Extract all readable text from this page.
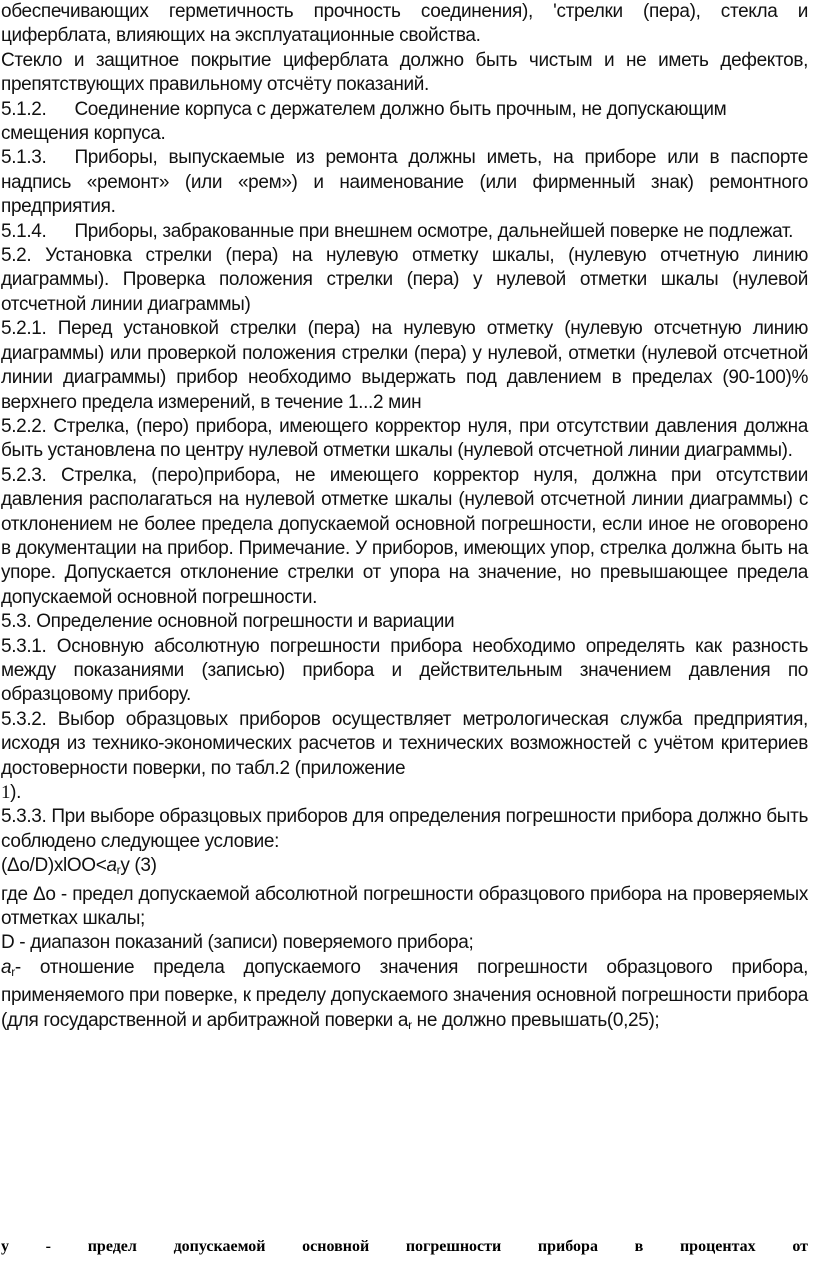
обеспечивающих герметичность прочность соединения), 'стрелки (пера), стекла и циферблата, влияющих на эксплуатационные свойства.

Стекло и защитное покрытие циферблата должно быть чистым и не иметь дефектов, препятствующих правильному отсчёту показаний.

5.1.2. Соединение корпуса с держателем должно быть прочным, не допускающим

смещения корпуса.

5.1.3. Приборы, выпускаемые из ремонта должны иметь, на приборе или в паспорте надпись «ремонт» (или «рем») и наименование (или фирменный знак) ремонтного предприятия.

5.1.4. Приборы, забракованные при внешнем осмотре, дальнейшей поверке не подлежат.

5.2. Установка стрелки (пера) на нулевую отметку шкалы, (нулевую отчетную линию диаграммы). Проверка положения стрелки (пера) у нулевой отметки шкалы (нулевой отсчетной линии диаграммы)

5.2.1. Перед установкой стрелки (пера) на нулевую отметку (нулевую отсчетную линию диаграммы) или проверкой положения стрелки (пера) у нулевой, отметки (нулевой отсчетной линии диаграммы) прибор необходимо выдержать под давлением в пределах (90-100)% верхнего предела измерений, в течение 1...2 мин

5.2.2. Стрелка, (перо) прибора, имеющего корректор нуля, при отсутствии давления должна быть установлена по центру нулевой отметки шкалы (нулевой отсчетной линии диаграммы).

5.2.3. Стрелка, (перо)прибора, не имеющего корректор нуля, должна при отсутствии давления располагаться на нулевой отметке шкалы (нулевой отсчетной линии диаграммы) с отклонением не более предела допускаемой основной погрешности, если иное не оговорено в документации на прибор. Примечание. У приборов, имеющих упор, стрелка должна быть на упоре. Допускается отклонение стрелки от упора на значение, но превышающее предела допускаемой основной погрешности.

5.3. Определение основной погрешности и вариации

5.3.1. Основную абсолютную погрешности прибора необходимо определять как разность между показаниями (записью) прибора и действительным значением давления по образцовому прибору.

5.3.2. Выбор образцовых приборов осуществляет метрологическая служба предприятия, исходя из технико-экономических расчетов и технических возможностей с учётом критериев достоверности поверки, по табл.2 (приложение
1).

5.3.3. При выборе образцовых приборов для определения погрешности прибора должно быть соблюдено следующее условие:

$(\Delta о/D)xlOO<a_ry$ (3)

где Δо - предел допускаемой абсолютной погрешности образцового прибора на проверяемых отметках шкалы;

D - диапазон показаний (записи) поверяемого прибора;

$a_r-$ отношение предела допускаемого значения погрешности образцового прибора, применяемого при поверке, к пределу допускаемого значения основной погрешности прибора (для государственной и арбитражной поверки $a_r$ не должно превышать(0,25);

у - предел допускаемой основной погрешности прибора в процентах от
